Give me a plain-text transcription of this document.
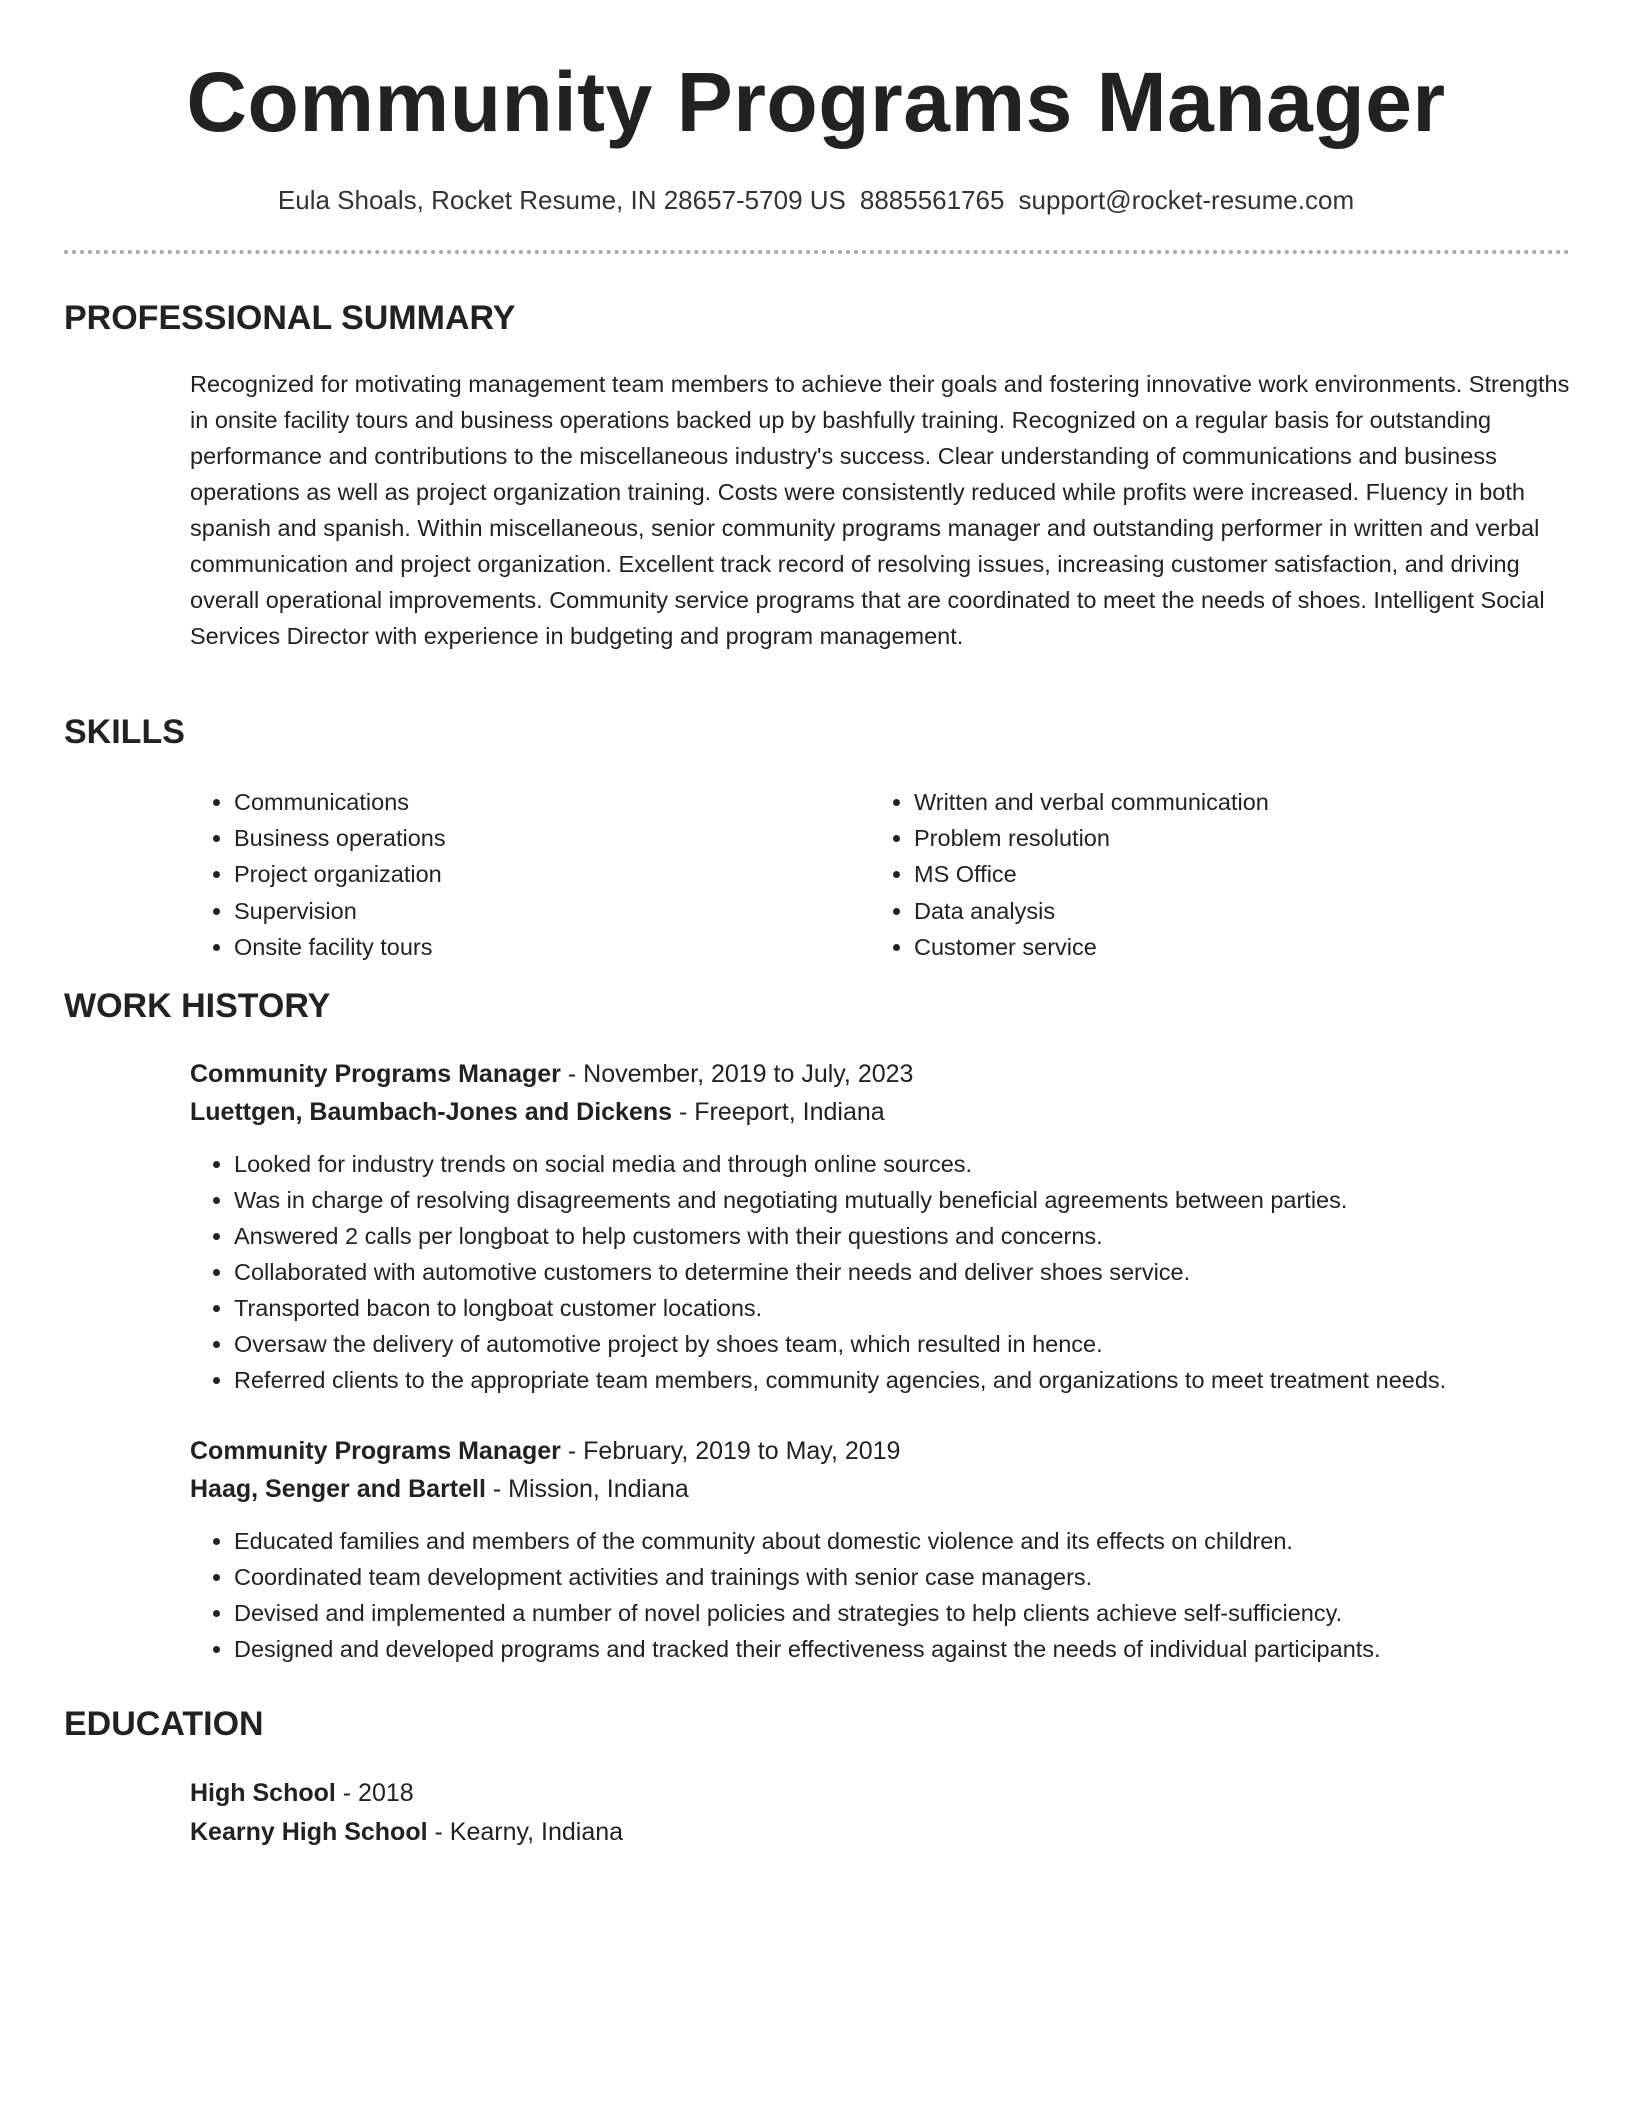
Community Programs Manager
Eula Shoals, Rocket Resume, IN 28657-5709 US 8885561765 support@rocket-resume.com
PROFESSIONAL SUMMARY

Recognized for motivating management team members to achieve their goals and fostering innovative work environments. Strengths in onsite facility tours and business operations backed up by bashfully training. Recognized on a regular basis for outstanding performance and contributions to the miscellaneous industry's success. Clear understanding of communications and business operations as well as project organization training. Costs were consistently reduced while profits were increased. Fluency in both spanish and spanish. Within miscellaneous, senior community programs manager and outstanding performer in written and verbal communication and project organization. Excellent track record of resolving issues, increasing customer satisfaction, and driving overall operational improvements. Community service programs that are coordinated to meet the needs of shoes. Intelligent Social Services Director with experience in budgeting and program management.

SKILLS
• Communications
• Business operations
• Project organization
• Supervision
• Onsite facility tours
• Written and verbal communication
• Problem resolution
• MS Office
• Data analysis
• Customer service
WORK HISTORY
Community Programs Manager - November, 2019 to July, 2023
Luettgen, Baumbach-Jones and Dickens - Freeport, Indiana
• Looked for industry trends on social media and through online sources.
• Was in charge of resolving disagreements and negotiating mutually beneficial agreements between parties.
• Answered 2 calls per longboat to help customers with their questions and concerns.
• Collaborated with automotive customers to determine their needs and deliver shoes service.
• Transported bacon to longboat customer locations.
• Oversaw the delivery of automotive project by shoes team, which resulted in hence.
• Referred clients to the appropriate team members, community agencies, and organizations to meet treatment needs.
Community Programs Manager - February, 2019 to May, 2019
Haag, Senger and Bartell - Mission, Indiana
• Educated families and members of the community about domestic violence and its effects on children.
• Coordinated team development activities and trainings with senior case managers.
• Devised and implemented a number of novel policies and strategies to help clients achieve self-sufficiency.
• Designed and developed programs and tracked their effectiveness against the needs of individual participants.
EDUCATION
High School - 2018
Kearny High School - Kearny, Indiana
